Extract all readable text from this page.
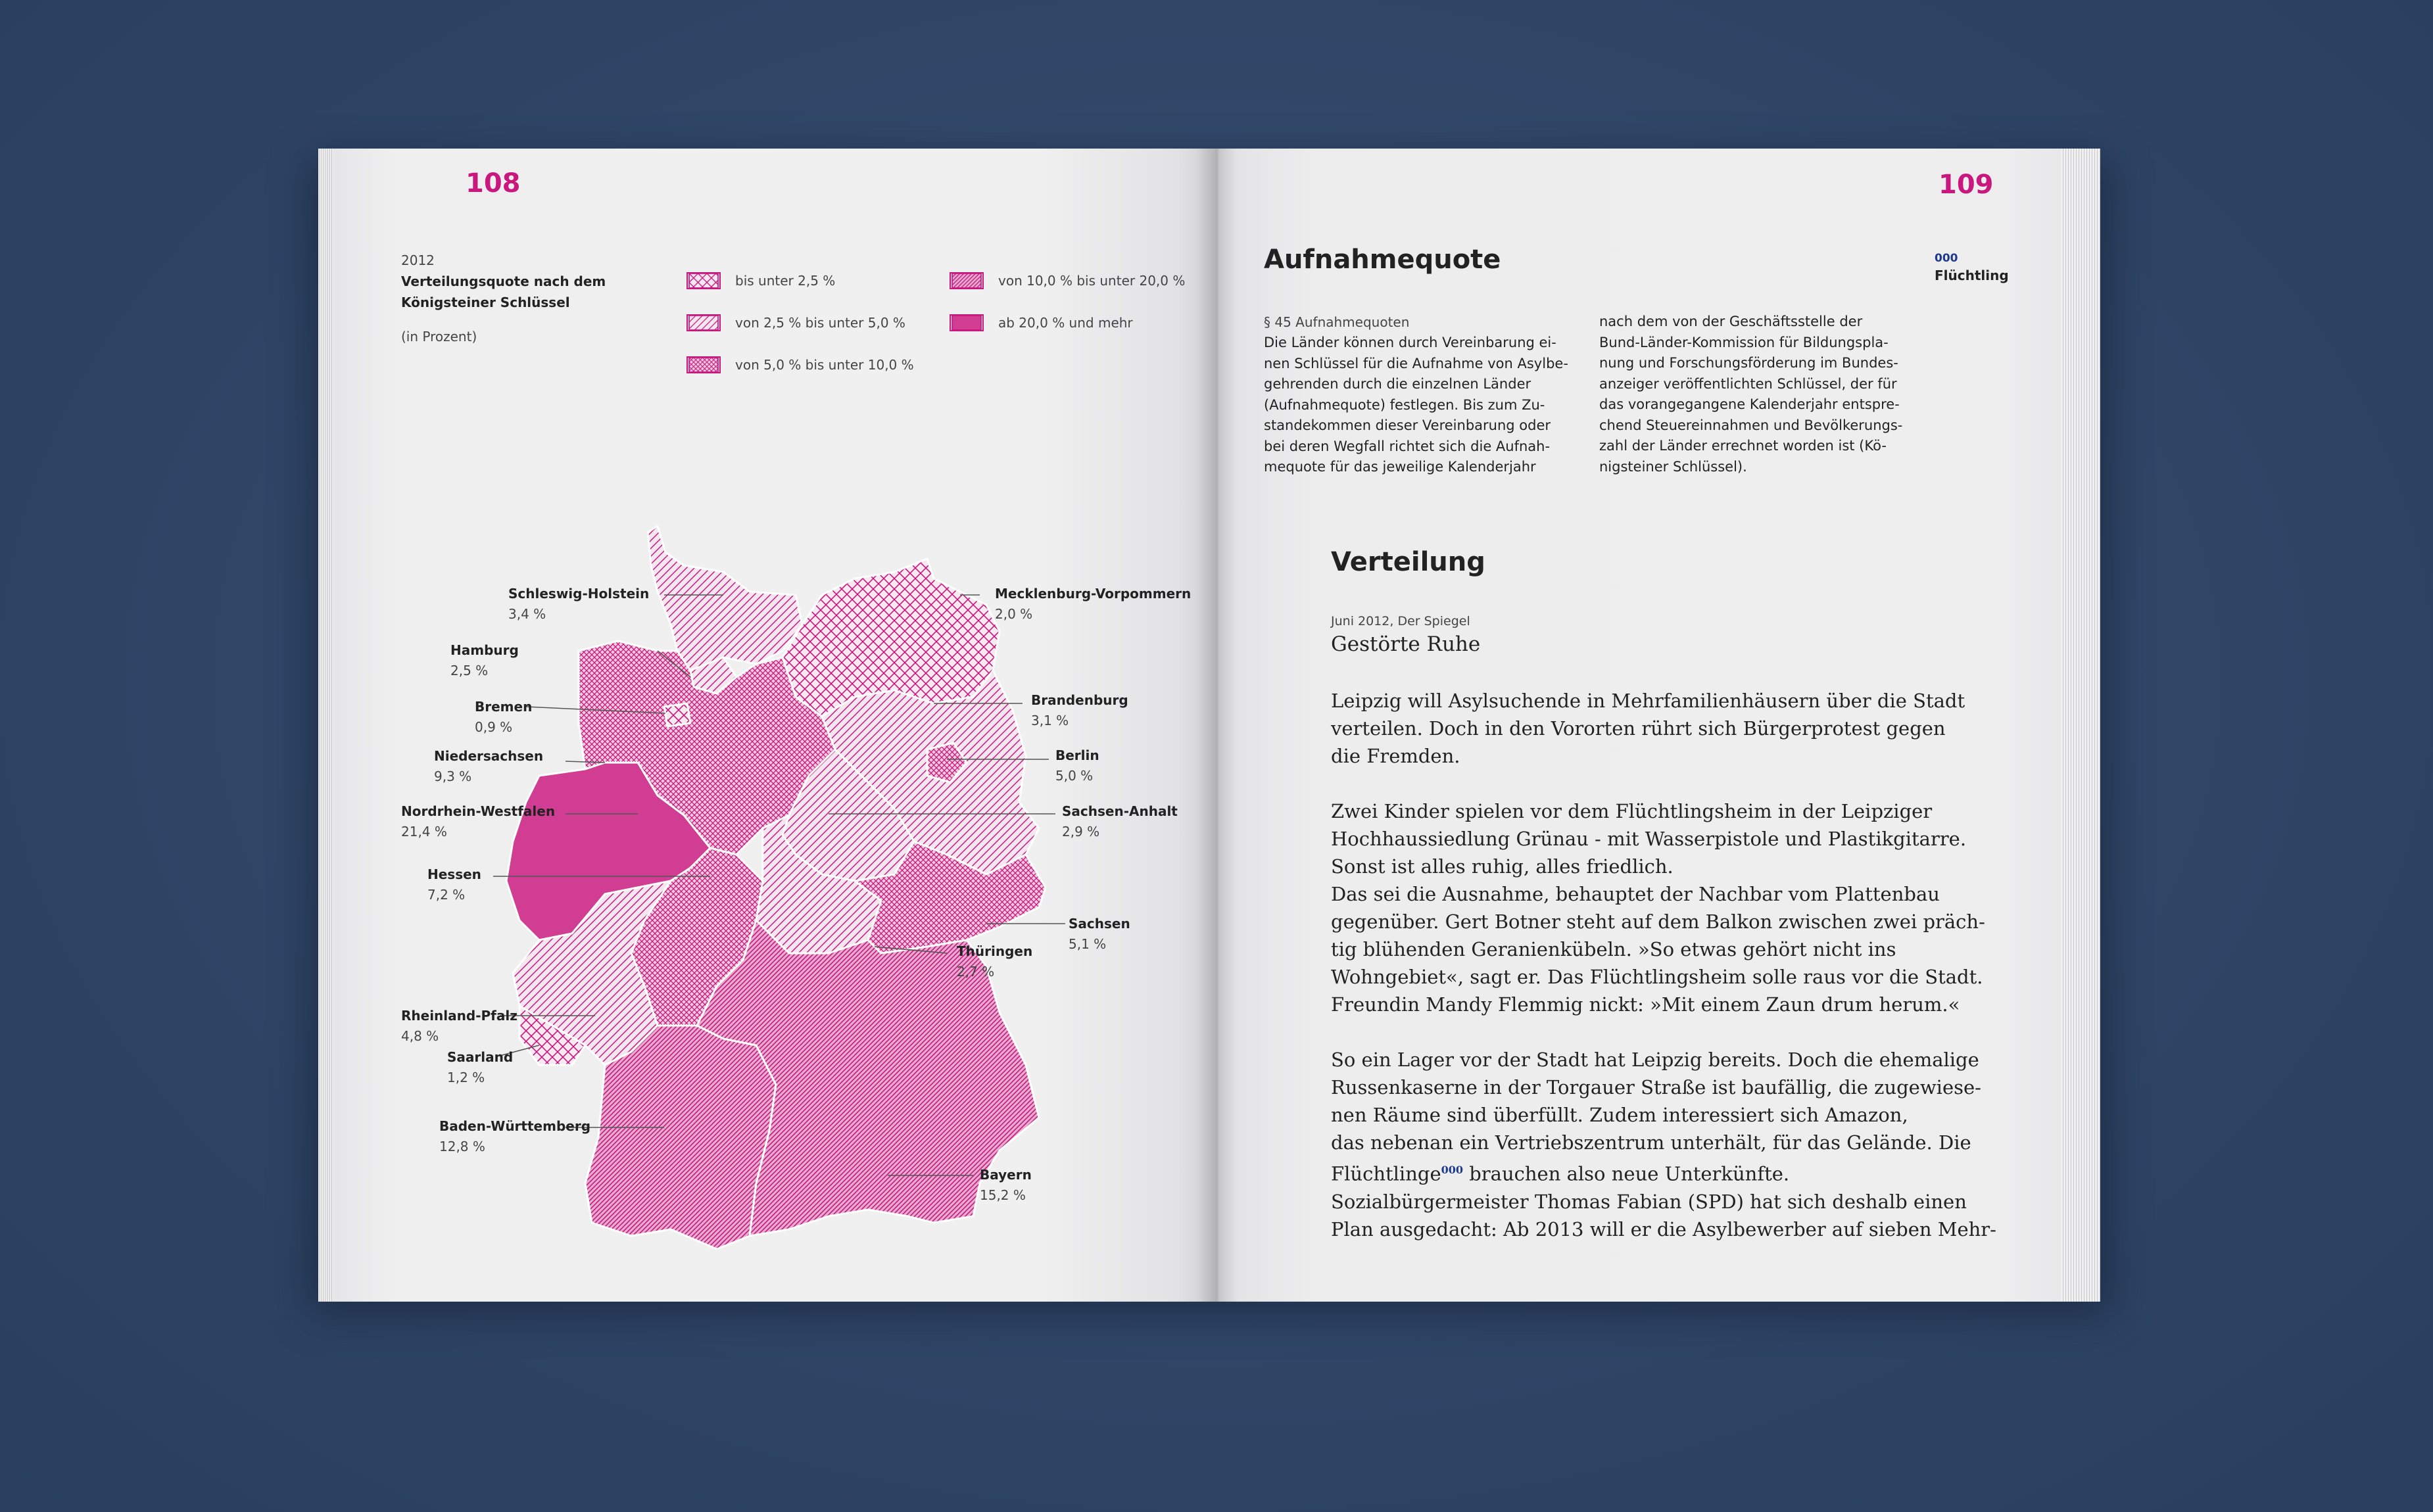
108
2012
Verteilungsquote nach dem
Königsteiner Schlüssel
(in Prozent)
bis unter 2,5 %
von 2,5 % bis unter 5,0 %
von 5,0 % bis unter 10,0 %
von 10,0 % bis unter 20,0 %
ab 20,0 % und mehr
Schleswig-Holstein
3,4 %
Mecklenburg-Vorpommern
2,0 %
Hamburg
2,5 %
Bremen
0,9 %
Brandenburg
3,1 %
Niedersachsen
9,3 %
Berlin
5,0 %
Nordrhein-Westfalen
21,4 %
Sachsen-Anhalt
2,9 %
Hessen
7,2 %
Sachsen
5,1 %
Thüringen
2,7 %
Rheinland-Pfalz
4,8 %
Saarland
1,2 %
Baden-Württemberg
12,8 %
Bayern
15,2 %
109
Aufnahmequote	000
Flüchtling
§ 45 Aufnahmequoten
Die Länder können durch Vereinbarung ei-
nen Schlüssel für die Aufnahme von Asylbe-
gehrenden durch die einzelnen Länder
(Aufnahmequote) festlegen. Bis zum Zu-
standekommen dieser Vereinbarung oder
bei deren Wegfall richtet sich die Aufnah-
mequote für das jeweilige Kalenderjahr
nach dem von der Geschäftsstelle der
Bund-Länder-Kommission für Bildungspla-
nung und Forschungsförderung im Bundes-
anzeiger veröffentlichten Schlüssel, der für
das vorangegangene Kalenderjahr entspre-
chend Steuereinnahmen und Bevölkerungs-
zahl der Länder errechnet worden ist (Kö-
nigsteiner Schlüssel).
Verteilung
Juni 2012, Der Spiegel
Gestörte Ruhe

Leipzig will Asylsuchende in Mehrfamilienhäusern über die Stadt
verteilen. Doch in den Vororten rührt sich Bürgerprotest gegen
die Fremden.

Zwei Kinder spielen vor dem Flüchtlingsheim in der Leipziger
Hochhaussiedlung Grünau - mit Wasserpistole und Plastikgitarre.
Sonst ist alles ruhig, alles friedlich.
Das sei die Ausnahme, behauptet der Nachbar vom Plattenbau
gegenüber. Gert Botner steht auf dem Balkon zwischen zwei präch-
tig blühenden Geranienkübeln. »So etwas gehört nicht ins
Wohngebiet«, sagt er. Das Flüchtlingsheim solle raus vor die Stadt.
Freundin Mandy Flemmig nickt: »Mit einem Zaun drum herum.«

So ein Lager vor der Stadt hat Leipzig bereits. Doch die ehemalige
Russenkaserne in der Torgauer Straße ist baufällig, die zugewiese-
nen Räume sind überfüllt. Zudem interessiert sich Amazon,
das nebenan ein Vertriebszentrum unterhält, für das Gelände. Die
Flüchtlinge$^{000}$ brauchen also neue Unterkünfte.
Sozialbürgermeister Thomas Fabian (SPD) hat sich deshalb einen
Plan ausgedacht: Ab 2013 will er die Asylbewerber auf sieben Mehr-
